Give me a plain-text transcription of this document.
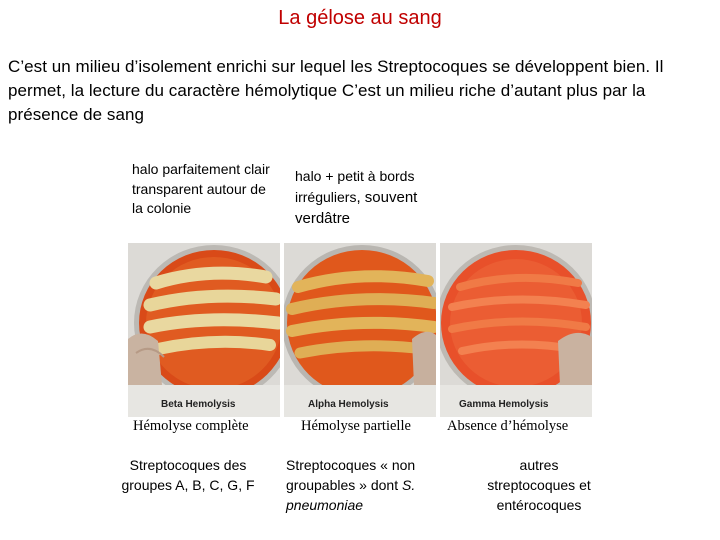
La gélose au sang
C’est un milieu d’isolement enrichi sur lequel les Streptocoques se développent bien. Il permet, la lecture du caractère hémolytique C’est un milieu riche d’autant plus par la présence de sang
halo parfaitement clair transparent autour de la colonie
halo + petit à bords irréguliers, souvent verdâtre
Beta Hemolysis	Alpha Hemolysis	Gamma Hemolysis
Hémolyse complète	Hémolyse partielle Absence d’hémolyse
Streptocoques des groupes A, B, C, G, F
Streptocoques « non groupables » dont S. pneumoniae
autres streptocoques et entérocoques
